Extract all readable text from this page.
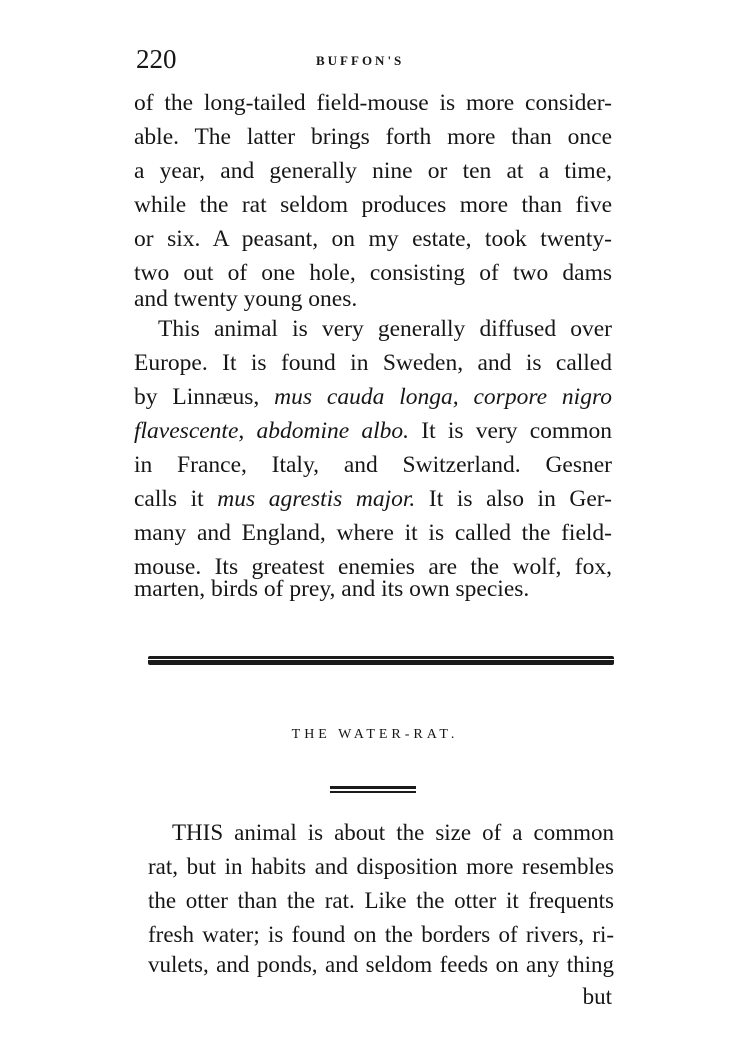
220	BUFFON'S
of the long-tailed field-mouse is more consider-
able. The latter brings forth more than once
a year, and generally nine or ten at a time,
while the rat seldom produces more than five
or six. A peasant, on my estate, took twenty-
two out of one hole, consisting of two dams
and twenty young ones.
This animal is very generally diffused over
Europe. It is found in Sweden, and is called
by Linnæus, mus cauda longa, corpore nigro
flavescente, abdomine albo. It is very common
in France, Italy, and Switzerland. Gesner
calls it mus agrestis major. It is also in Ger-
many and England, where it is called the field-
mouse. Its greatest enemies are the wolf, fox,
marten, birds of prey, and its own species.
THE WATER-RAT.
THIS animal is about the size of a common
rat, but in habits and disposition more resembles
the otter than the rat. Like the otter it frequents
fresh water; is found on the borders of rivers, ri-
vulets, and ponds, and seldom feeds on any thing
but
